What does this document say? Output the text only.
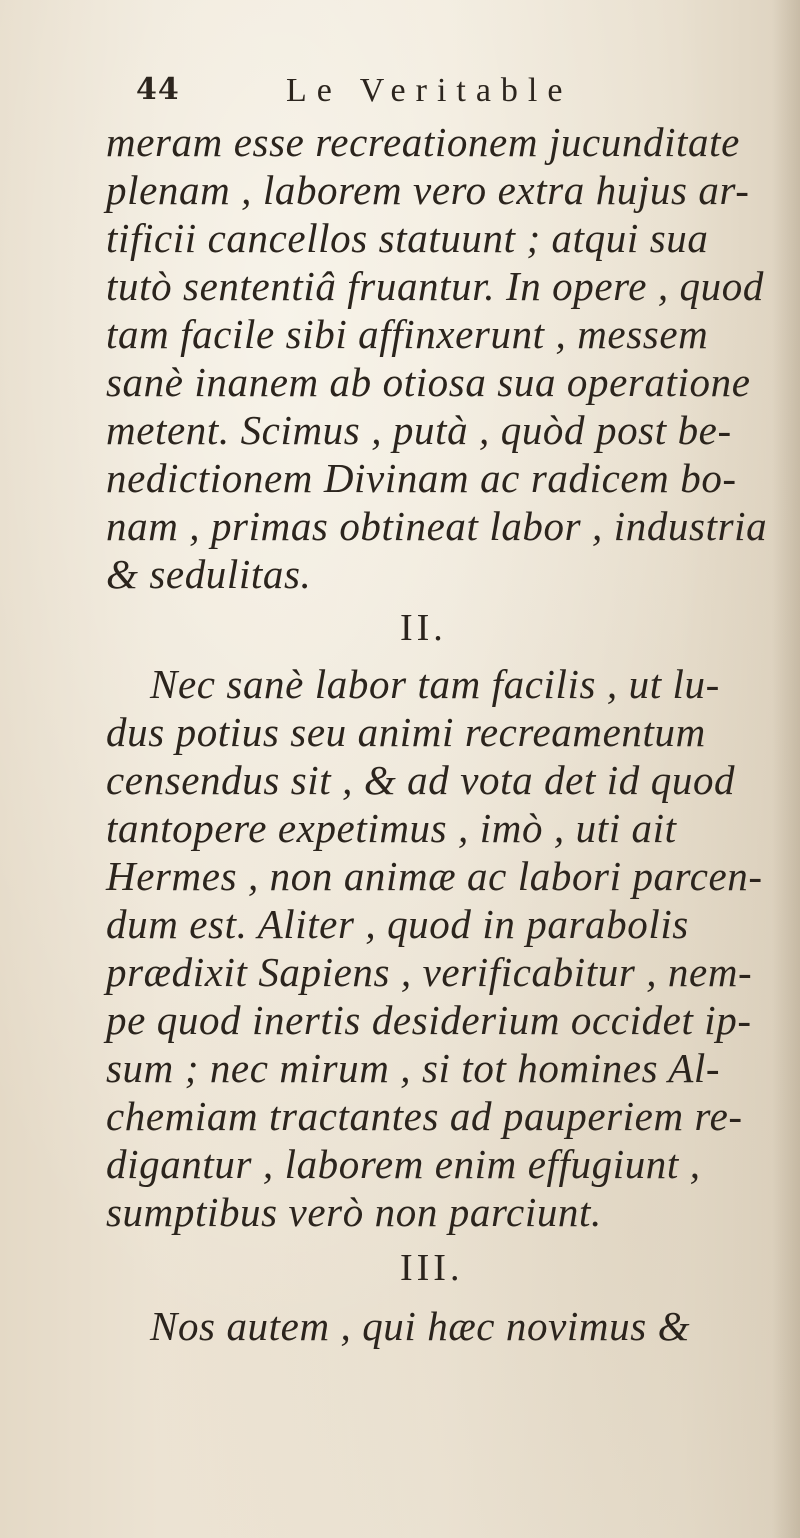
44	Le Veritable
meram esse recreationem jucunditate
plenam , laborem vero extra hujus ar-
tificii cancellos statuunt ; atqui sua
tutò sententiâ fruantur. In opere , quod
tam facile sibi affinxerunt , messem
sanè inanem ab otiosa sua operatione
metent. Scimus , putà , quòd post be-
nedictionem Divinam ac radicem bo-
nam , primas obtineat labor , industria
& sedulitas.
II.
Nec sanè labor tam facilis , ut lu-
dus potius seu animi recreamentum
censendus sit , & ad vota det id quod
tantopere expetimus , imò , uti ait
Hermes , non animæ ac labori parcen-
dum est. Aliter , quod in parabolis
prædixit Sapiens , verificabitur , nem-
pe quod inertis desiderium occidet ip-
sum ; nec mirum , si tot homines Al-
chemiam tractantes ad pauperiem re-
digantur , laborem enim effugiunt ,
sumptibus verò non parciunt.
III.
Nos autem , qui hæc novimus &
